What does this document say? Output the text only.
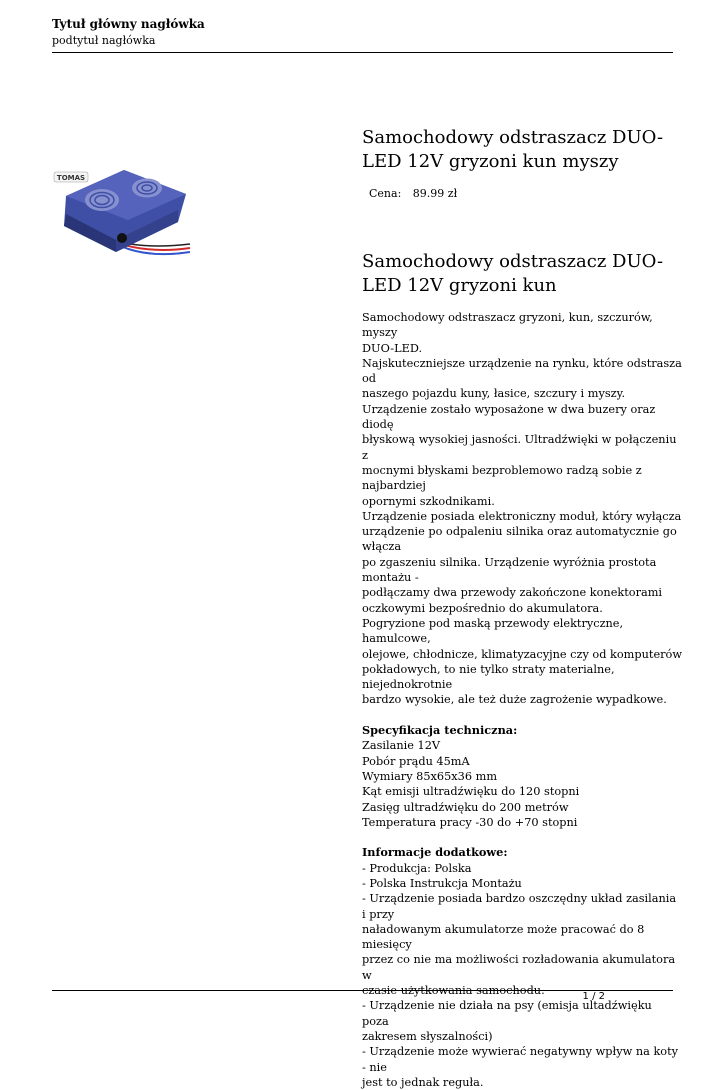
Tytuł główny nagłówka
podtytuł nagłówka
TOMAS
Samochodowy odstraszacz DUO-LED 12V gryzoni kun myszy
Cena: 89.99 zł
Samochodowy odstraszacz DUO-LED 12V gryzoni kun

Samochodowy odstraszacz gryzoni, kun, szczurów, myszy

DUO-LED.

Najskuteczniejsze urządzenie na rynku, które odstrasza od

naszego pojazdu kuny, łasice, szczury i myszy.

Urządzenie zostało wyposażone w dwa buzery oraz diodę

błyskową wysokiej jasności. Ultradźwięki w połączeniu z

mocnymi błyskami bezproblemowo radzą sobie z najbardziej

opornymi szkodnikami.

Urządzenie posiada elektroniczny moduł, który wyłącza

urządzenie po odpaleniu silnika oraz automatycznie go włącza

po zgaszeniu silnika. Urządzenie wyróżnia prostota montażu -

podłączamy dwa przewody zakończone konektorami

oczkowymi bezpośrednio do akumulatora.

Pogryzione pod maską przewody elektryczne, hamulcowe,

olejowe, chłodnicze, klimatyzacyjne czy od komputerów

pokładowych, to nie tylko straty materialne, niejednokrotnie

bardzo wysokie, ale też duże zagrożenie wypadkowe.

Specyfikacja techniczna:

Zasilanie 12V

Pobór prądu 45mA

Wymiary 85x65x36 mm

Kąt emisji ultradźwięku do 120 stopni

Zasięg ultradźwięku do 200 metrów

Temperatura pracy -30 do +70 stopni

Informacje dodatkowe:

- Produkcja: Polska

- Polska Instrukcja Montażu

- Urządzenie posiada bardzo oszczędny układ zasilania i przy

naładowanym akumulatorze może pracować do 8 miesięcy

przez co nie ma możliwości rozładowania akumulatora w

czasie użytkowania samochodu.

- Urządzenie nie działa na psy (emisja ultadźwięku poza

zakresem słyszalności)

- Urządzenie może wywierać negatywny wpływ na koty - nie

jest to jednak reguła.

1 / 2
